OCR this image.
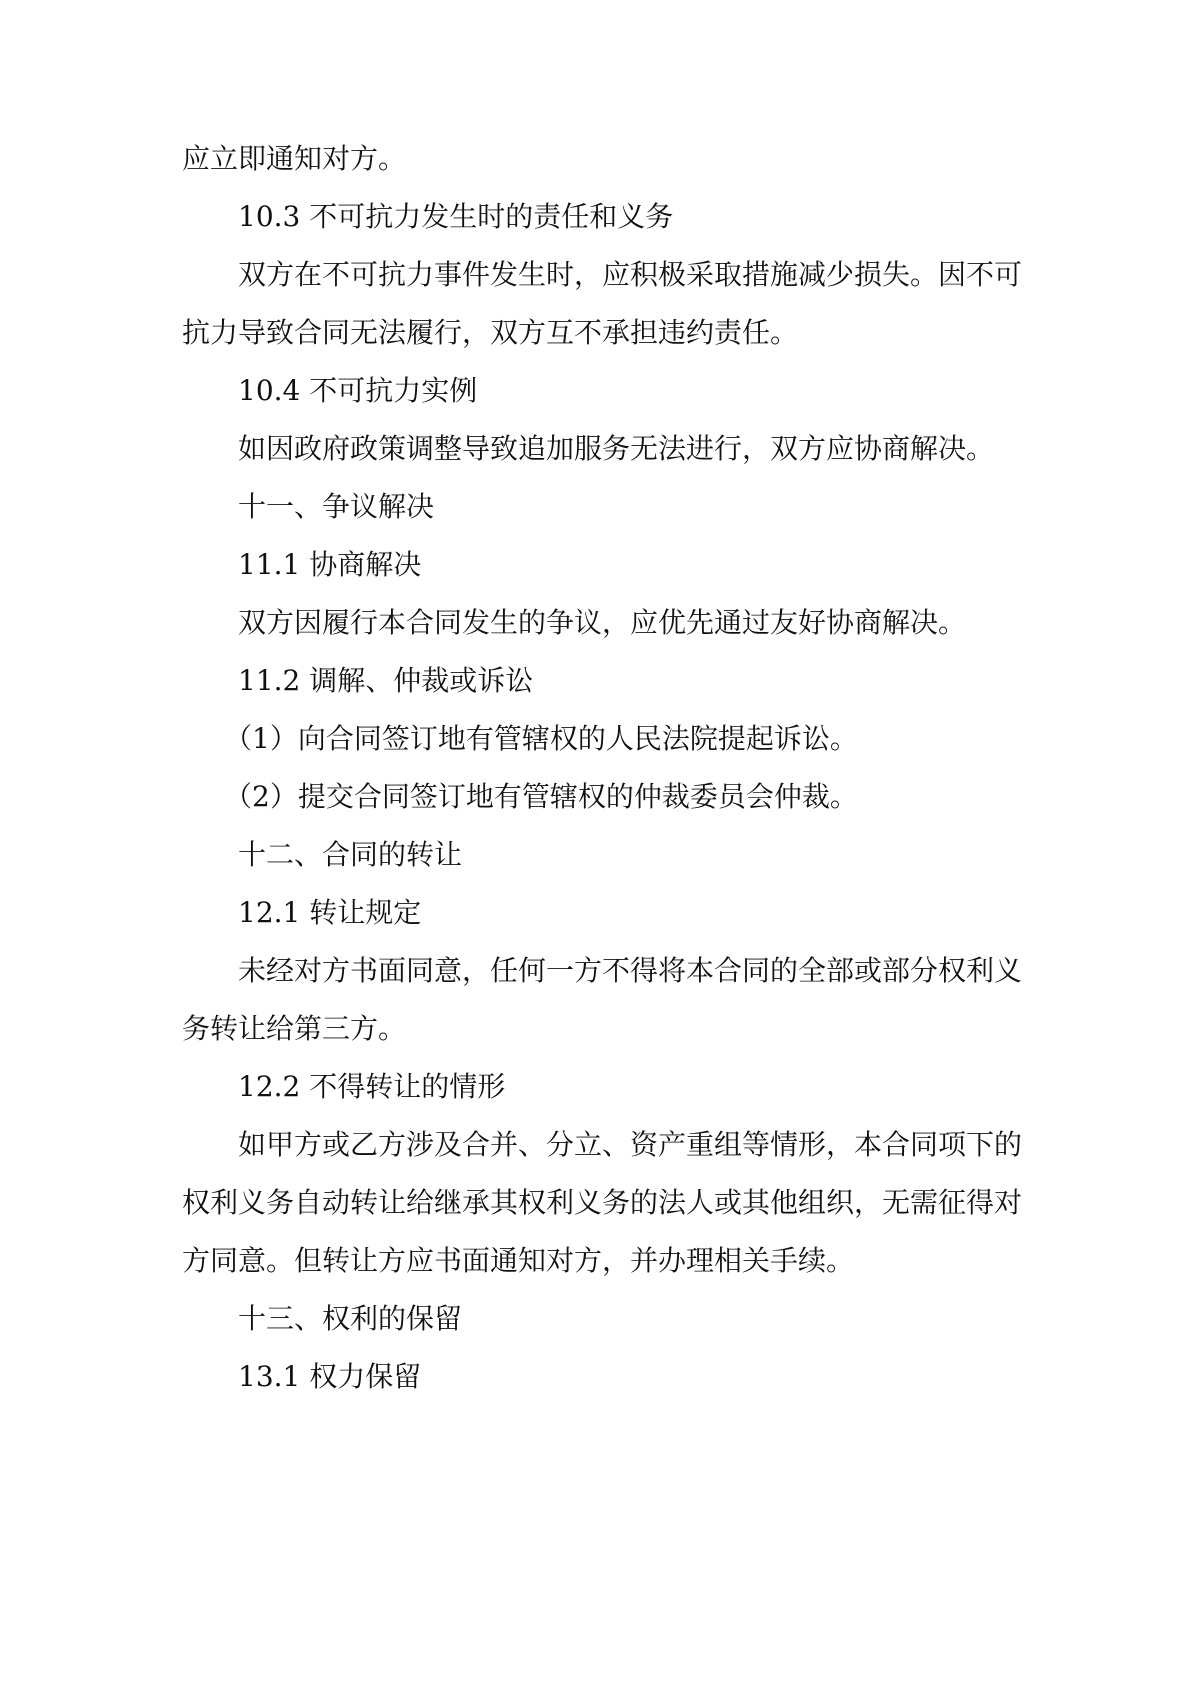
应立即通知对方。
10.3 不可抗力发生时的责任和义务
双方在不可抗力事件发生时，应积极采取措施减少损失。因不可
抗力导致合同无法履行，双方互不承担违约责任。
10.4 不可抗力实例
如因政府政策调整导致追加服务无法进行，双方应协商解决。
十一、争议解决
11.1 协商解决
双方因履行本合同发生的争议，应优先通过友好协商解决。
11.2 调解、仲裁或诉讼
（1）向合同签订地有管辖权的人民法院提起诉讼。
（2）提交合同签订地有管辖权的仲裁委员会仲裁。
十二、合同的转让
12.1 转让规定
未经对方书面同意，任何一方不得将本合同的全部或部分权利义
务转让给第三方。
12.2 不得转让的情形
如甲方或乙方涉及合并、分立、资产重组等情形，本合同项下的
权利义务自动转让给继承其权利义务的法人或其他组织，无需征得对
方同意。但转让方应书面通知对方，并办理相关手续。
十三、权利的保留
13.1 权力保留
